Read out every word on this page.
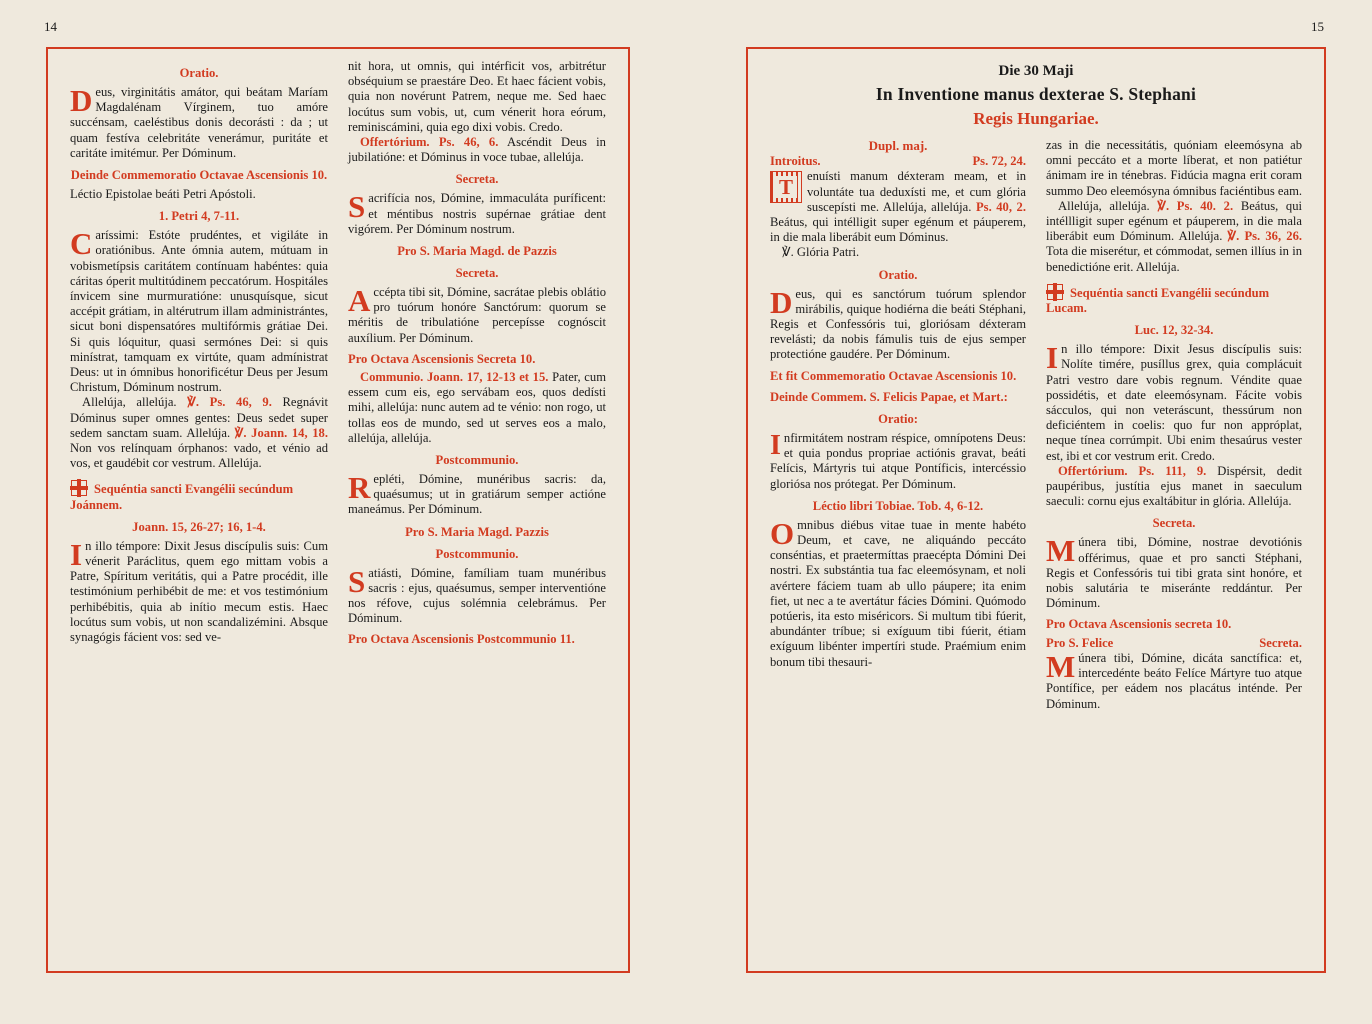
14
Oratio.

Deus, virginitátis amátor, qui beátam Maríam Magdalénam Vírginem, tuo amóre succénsam, caeléstibus donis decorásti : da ; ut quam festíva celebritáte venerámur, puritáte et caritáte imitémur. Per Dóminum.

Deinde Commemoratio Octavae Ascensionis 10.

Léctio Epistolae beáti Petri Apóstoli.

1. Petri 4, 7-11.

Caríssimi: Estóte prudéntes, et vigiláte in oratiónibus. Ante ómnia autem, mútuam in vobismetípsis caritátem contínuam habéntes: quia cáritas óperit multitúdinem peccatórum. Hospitáles ínvicem sine murmuratióne: unusquísque, sicut accépit grátiam, in altérutrum illam administrántes, sicut boni dispensatóres multifórmis grátiae Dei. Si quis lóquitur, quasi sermónes Dei: si quis minístrat, tamquam ex virtúte, quam admínistrat Deus: ut in ómnibus honorificétur Deus per Jesum Christum, Dóminum nostrum.

Allelúja, allelúja. ℣. Ps. 46, 9. Regnávit Dóminus super omnes gentes: Deus sedet super sedem sanctam suam. Allelúja. ℣. Joann. 14, 18. Non vos relínquam órphanos: vado, et vénio ad vos, et gaudébit cor vestrum. Allelúja.

Sequéntia sancti Evangélii secúndum Joánnem.
Joann. 15, 26-27; 16, 1-4.

In illo témpore: Dixit Jesus discípulis suis: Cum vénerit Paráclitus, quem ego mittam vobis a Patre, Spíritum veritátis, qui a Patre procédit, ille testimónium perhibébit de me: et vos testimónium perhibébitis, quia ab inítio mecum estis. Haec locútus sum vobis, ut non scandalizémini. Absque synagógis fácient vos: sed ve-

nit hora, ut omnis, qui intérficit vos, arbitrétur obséquium se praestáre Deo. Et haec fácient vobis, quia non novérunt Patrem, neque me. Sed haec locútus sum vobis, ut, cum vénerit hora eórum, reminiscámini, quia ego dixi vobis. Credo.

Offertórium. Ps. 46, 6. Ascéndit Deus in jubilatióne: et Dóminus in voce tubae, allelúja.

Secreta.

Sacrifícia nos, Dómine, immaculáta puríficent: et méntibus nostris supérnae grátiae dent vigórem. Per Dóminum nostrum.

Pro S. Maria Magd. de Pazzis
Secreta.

Accépta tibi sit, Dómine, sacrátae plebis oblátio pro tuórum honóre Sanctórum: quorum se méritis de tribulatióne percepísse cognóscit auxílium. Per Dóminum.

Pro Octava Ascensionis Secreta 10.

Communio. Joann. 17, 12-13 et 15. Pater, cum essem cum eis, ego servábam eos, quos dedísti mihi, allelúja: nunc autem ad te vénio: non rogo, ut tollas eos de mundo, sed ut serves eos a malo, allelúja, allelúja.

Postcommunio.

Repléti, Dómine, munéribus sacris: da, quaésumus; ut in gratiárum semper actióne maneámus. Per Dóminum.

Pro S. Maria Magd. Pazzis
Postcommunio.

Satiásti, Dómine, famíliam tuam munéribus sacris : ejus, quaésumus, semper interventióne nos réfove, cujus solémnia celebrámus. Per Dóminum.

Pro Octava Ascensionis Postcommunio 11.
15
Die 30 Maji
In Inventione manus dexterae S. Stephani
Regis Hungariae.
Dupl. maj.
Introitus.	Ps. 72, 24.

T	enuísti manum déxteram meam, et in voluntáte tua deduxísti me, et cum glória suscepísti me. Allelúja, allelúja. Ps. 40, 2. Beátus, qui intélligit super egénum et páuperem, in die mala liberábit eum Dóminus.

℣. Glória Patri.

Oratio.

Deus, qui es sanctórum tuórum splendor mirábilis, quique hodiérna die beáti Stéphani, Regis et Confessóris tui, gloriósam déxteram revelásti; da nobis fámulis tuis de ejus semper protectióne gaudére. Per Dóminum.

Et fit Commemoratio Octavae Ascensionis 10.
Deinde Commem. S. Felicis Papae, et Mart.:
Oratio:

Infirmitátem nostram réspice, omnípotens Deus: et quia pondus propriae actiónis gravat, beáti Felícis, Mártyris tui atque Pontíficis, intercéssio gloriósa nos prótegat. Per Dóminum.

Léctio libri Tobiae. Tob. 4, 6-12.

Omnibus diébus vitae tuae in mente habéto Deum, et cave, ne aliquándo peccáto conséntias, et praetermíttas praecépta Dómini Dei nostri. Ex substántia tua fac eleemósynam, et noli avértere fáciem tuam ab ullo páupere; ita enim fiet, ut nec a te avertátur fácies Dómini. Quómodo potúeris, ita esto miséricors. Si multum tibi fúerit, abundánter tríbue; si exíguum tibi fúerit, étiam exíguum libénter impertíri stude. Praémium enim bonum tibi thesauri-

zas in die necessitátis, quóniam eleemósyna ab omni peccáto et a morte líberat, et non patiétur ánimam ire in ténebras. Fidúcia magna erit coram summo Deo eleemósyna ómnibus faciéntibus eam.

Allelúja, allelúja. ℣. Ps. 40. 2. Beátus, qui intéllligit super egénum et páuperem, in die mala liberábit eum Dóminum. Allelúja. ℣. Ps. 36, 26. Tota die miserétur, et cómmodat, semen illíus in in benedictióne erit. Allelúja.

Sequéntia sancti Evangélii secúndum Lucam.
Luc. 12, 32-34.

In illo témpore: Dixit Jesus discípulis suis: Nolíte timére, pusíllus grex, quia complácuit Patri vestro dare vobis regnum. Véndite quae possidétis, et date eleemósynam. Fácite vobis sácculos, qui non veteráscunt, thessúrum non deficiéntem in coelis: quo fur non appróplat, neque tínea corrúmpit. Ubi enim thesaúrus vester est, ibi et cor vestrum erit. Credo.

Offertórium. Ps. 111, 9. Dispérsit, dedit paupéribus, justítia ejus manet in saeculum saeculi: cornu ejus exaltábitur in glória. Allelúja.

Secreta.

Múnera tibi, Dómine, nostrae devotiónis offérimus, quae et pro sancti Stéphani, Regis et Confessóris tui tibi grata sint honóre, et nobis salutária te miseránte reddántur. Per Dóminum.

Pro Octava Ascensionis secreta 10.
Pro S. Felice	Secreta.

Múnera tibi, Dómine, dicáta sanctífica: et, intercedénte beáto Felíce Mártyre tuo atque Pontífice, per eádem nos placátus inténde. Per Dóminum.
